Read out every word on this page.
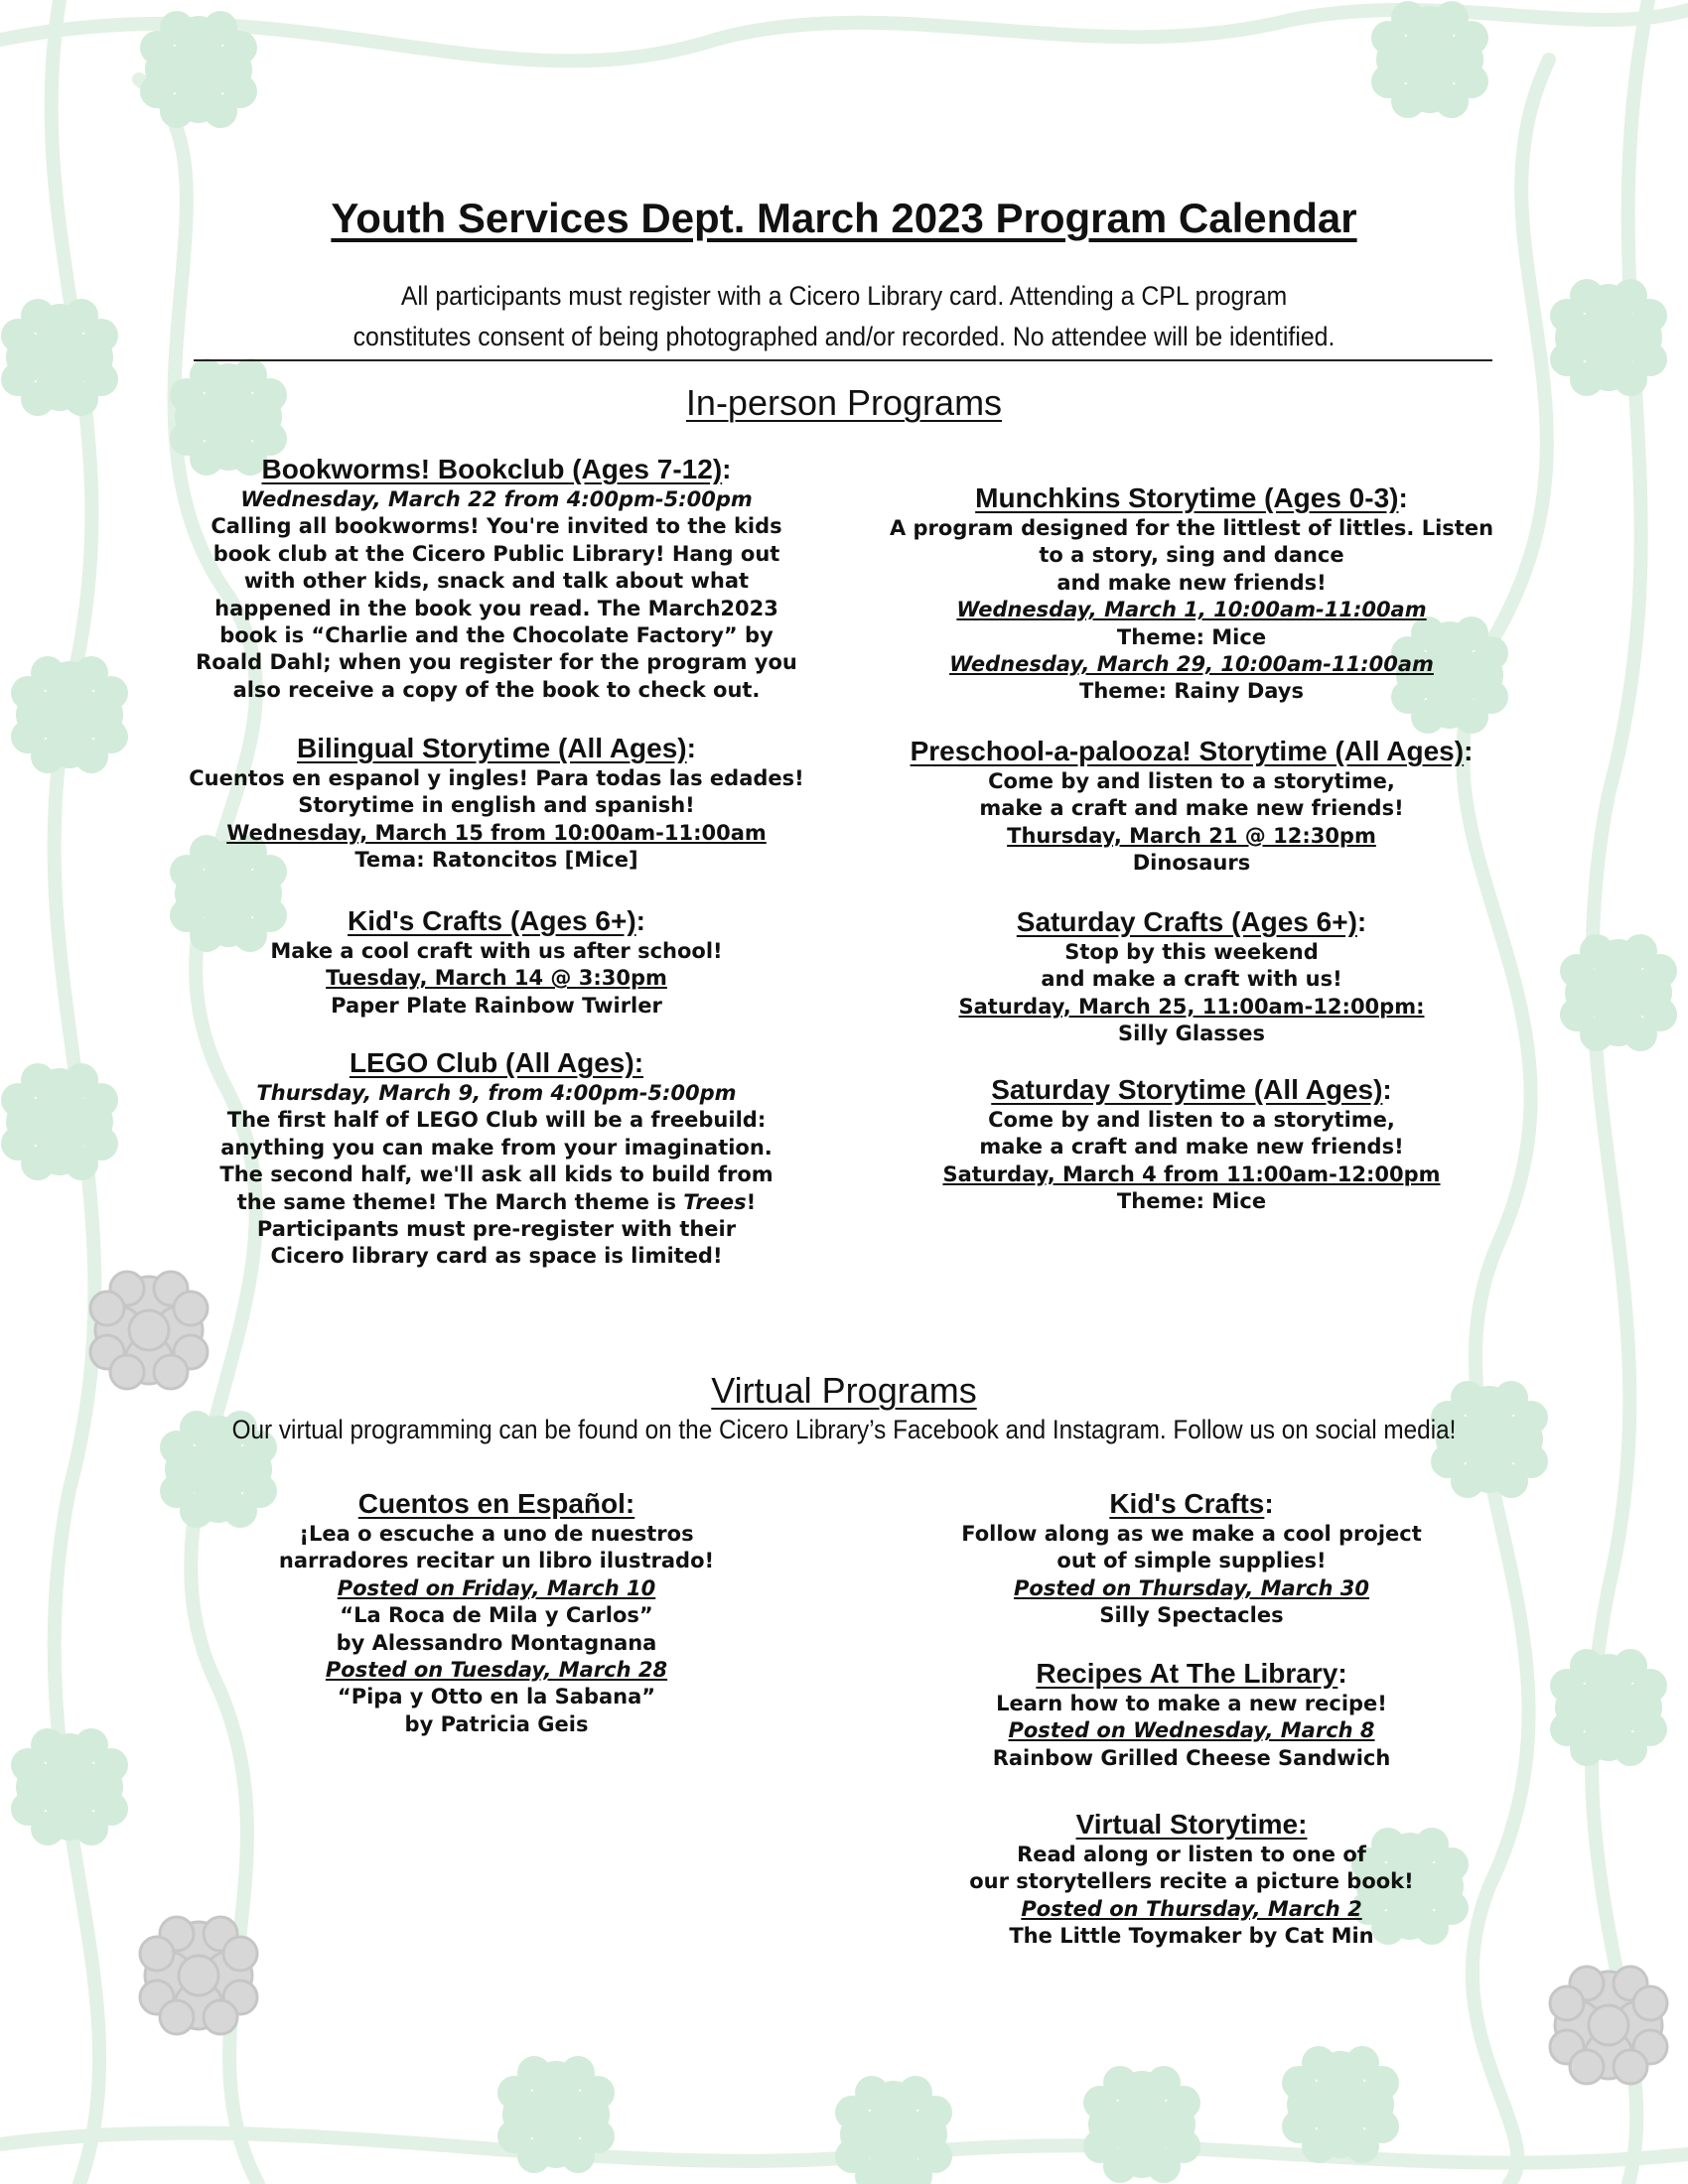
Youth Services Dept. March 2023 Program Calendar
All participants must register with a Cicero Library card. Attending a CPL program
constitutes consent of being photographed and/or recorded. No attendee will be identified.
In-person Programs
Bookworms! Bookclub (Ages 7-12):
Wednesday, March 22 from 4:00pm-5:00pm
Calling all bookworms! You're invited to the kids
book club at the Cicero Public Library! Hang out
with other kids, snack and talk about what
happened in the book you read. The March2023
book is “Charlie and the Chocolate Factory” by
Roald Dahl; when you register for the program you
also receive a copy of the book to check out.
Bilingual Storytime (All Ages):
Cuentos en espanol y ingles! Para todas las edades!
Storytime in english and spanish!
Wednesday, March 15 from 10:00am-11:00am
Tema: Ratoncitos [Mice]
Kid's Crafts (Ages 6+):
Make a cool craft with us after school!
Tuesday, March 14 @ 3:30pm
Paper Plate Rainbow Twirler
LEGO Club (All Ages):
Thursday, March 9, from 4:00pm-5:00pm
The first half of LEGO Club will be a freebuild:
anything you can make from your imagination.
The second half, we'll ask all kids to build from
the same theme! The March theme is Trees!
Participants must pre-register with their
Cicero library card as space is limited!
Munchkins Storytime (Ages 0-3):
A program designed for the littlest of littles. Listen
to a story, sing and dance
and make new friends!
Wednesday, March 1, 10:00am-11:00am
Theme: Mice
Wednesday, March 29, 10:00am-11:00am
Theme: Rainy Days
Preschool-a-palooza! Storytime (All Ages):
Come by and listen to a storytime,
make a craft and make new friends!
Thursday, March 21 @ 12:30pm
Dinosaurs
Saturday Crafts (Ages 6+):
Stop by this weekend
and make a craft with us!
Saturday, March 25, 11:00am-12:00pm:
Silly Glasses
Saturday Storytime (All Ages):
Come by and listen to a storytime,
make a craft and make new friends!
Saturday, March 4 from 11:00am-12:00pm
Theme: Mice
Virtual Programs
Our virtual programming can be found on the Cicero Library’s Facebook and Instagram. Follow us on social media!
Cuentos en Español:
¡Lea o escuche a uno de nuestros
narradores recitar un libro ilustrado!
Posted on Friday, March 10
“La Roca de Mila y Carlos”
by Alessandro Montagnana
Posted on Tuesday, March 28
“Pipa y Otto en la Sabana”
by Patricia Geis
Kid's Crafts:
Follow along as we make a cool project
out of simple supplies!
Posted on Thursday, March 30
Silly Spectacles
Recipes At The Library:
Learn how to make a new recipe!
Posted on Wednesday, March 8
Rainbow Grilled Cheese Sandwich
Virtual Storytime:
Read along or listen to one of
our storytellers recite a picture book!
Posted on Thursday, March 2
The Little Toymaker by Cat Min
